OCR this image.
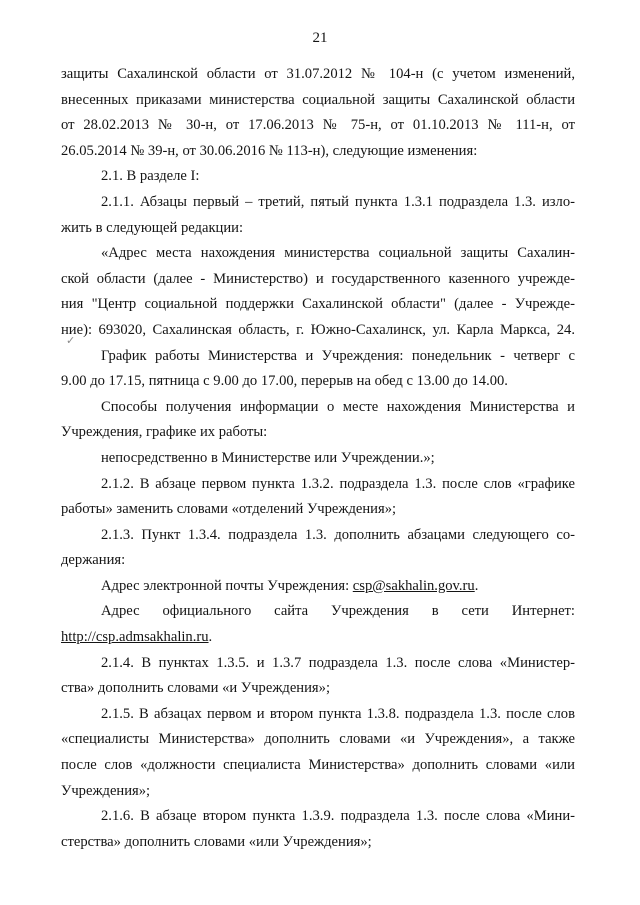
21
✓
защиты Сахалинской области от 31.07.2012 № 104-н (с учетом изменений,
внесенных приказами министерства социальной защиты Сахалинской области
от 28.02.2013 № 30-н, от 17.06.2013 № 75-н, от 01.10.2013 № 111-н, от
26.05.2014 № 39-н, от 30.06.2016 № 113-н), следующие изменения:
2.1. В разделе I:
2.1.1. Абзацы первый – третий, пятый пункта 1.3.1 подраздела 1.3. изло-
жить в следующей редакции:
«Адрес места нахождения министерства социальной защиты Сахалин-
ской области (далее - Министерство) и государственного казенного учрежде-
ния "Центр социальной поддержки Сахалинской области" (далее - Учрежде-
ние): 693020, Сахалинская область, г. Южно-Сахалинск, ул. Карла Маркса, 24.
График работы Министерства и Учреждения: понедельник - четверг с
9.00 до 17.15, пятница с 9.00 до 17.00, перерыв на обед с 13.00 до 14.00.
Способы получения информации о месте нахождения Министерства и
Учреждения, графике их работы:
непосредственно в Министерстве или Учреждении.»;
2.1.2. В абзаце первом пункта 1.3.2. подраздела 1.3. после слов «графике
работы» заменить словами «отделений Учреждения»;
2.1.3. Пункт 1.3.4. подраздела 1.3. дополнить абзацами следующего со-
держания:
Адрес электронной почты Учреждения: csp@sakhalin.gov.ru.
Адрес официального сайта Учреждения в сети Интернет:
http://csp.admsakhalin.ru.
2.1.4. В пунктах 1.3.5. и 1.3.7 подраздела 1.3. после слова «Министер-
ства» дополнить словами «и Учреждения»;
2.1.5. В абзацах первом и втором пункта 1.3.8. подраздела 1.3. после слов
«специалисты Министерства» дополнить словами «и Учреждения», а также
после слов «должности специалиста Министерства» дополнить словами «или
Учреждения»;
2.1.6. В абзаце втором пункта 1.3.9. подраздела 1.3. после слова «Мини-
стерства» дополнить словами «или Учреждения»;
